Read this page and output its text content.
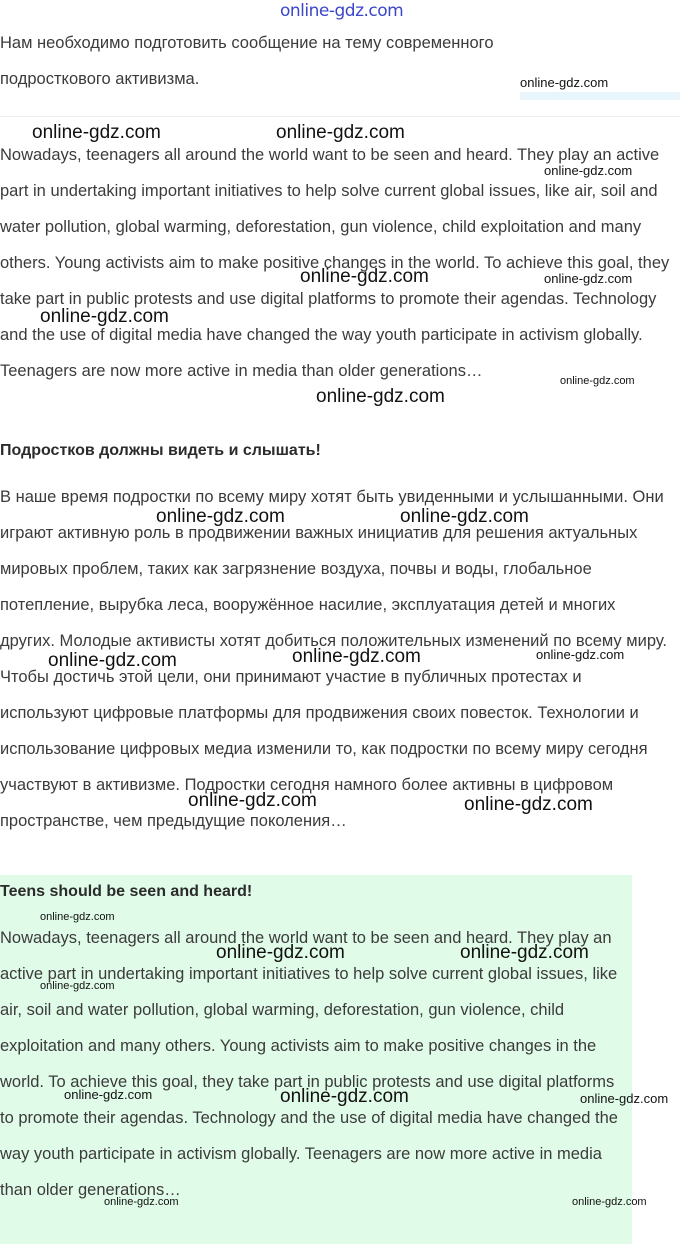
Нам необходимо подготовить сообщение на тему современного подросткового активизма.

Nowadays, teenagers all around the world want to be seen and heard. They play an active part in undertaking important initiatives to help solve current global issues, like air, soil and water pollution, global warming, deforestation, gun violence, child exploitation and many others. Young activists aim to make positive changes in the world. To achieve this goal, they take part in public protests and use digital platforms to promote their agendas. Technology and the use of digital media have changed the way youth participate in activism globally. Teenagers are now more active in media than older generations…

Подростков должны видеть и слышать!

В наше время подростки по всему миру хотят быть увиденными и услышанными. Они играют активную роль в продвижении важных инициатив для решения актуальных мировых проблем, таких как загрязнение воздуха, почвы и воды, глобальное потепление, вырубка леса, вооружённое насилие, эксплуатация детей и многих других. Молодые активисты хотят добиться положительных изменений по всему миру. Чтобы достичь этой цели, они принимают участие в публичных протестах и используют цифровые платформы для продвижения своих повесток. Технологии и использование цифровых медиа изменили то, как подростки по всему миру сегодня участвуют в активизме. Подростки сегодня намного более активны в цифровом пространстве, чем предыдущие поколения…

Teens should be seen and heard!

Nowadays, teenagers all around the world want to be seen and heard. They play an active part in undertaking important initiatives to help solve current global issues, like air, soil and water pollution, global warming, deforestation, gun violence, child exploitation and many others. Young activists aim to make positive changes in the world. To achieve this goal, they take part in public protests and use digital platforms to promote their agendas. Technology and the use of digital media have changed the way youth participate in activism globally. Teenagers are now more active in media than older generations…

online-gdz.com
online-gdz.com
online-gdz.com	online-gdz.com
online-gdz.com
online-gdz.com	online-gdz.com
online-gdz.com
online-gdz.com
online-gdz.com
online-gdz.com	online-gdz.com
online-gdz.com
online-gdz.com
online-gdz.com
online-gdz.com	online-gdz.com
online-gdz.com
online-gdz.com	online-gdz.com
online-gdz.com
online-gdz.com	online-gdz.com	online-gdz.com
online-gdz.com	online-gdz.com
